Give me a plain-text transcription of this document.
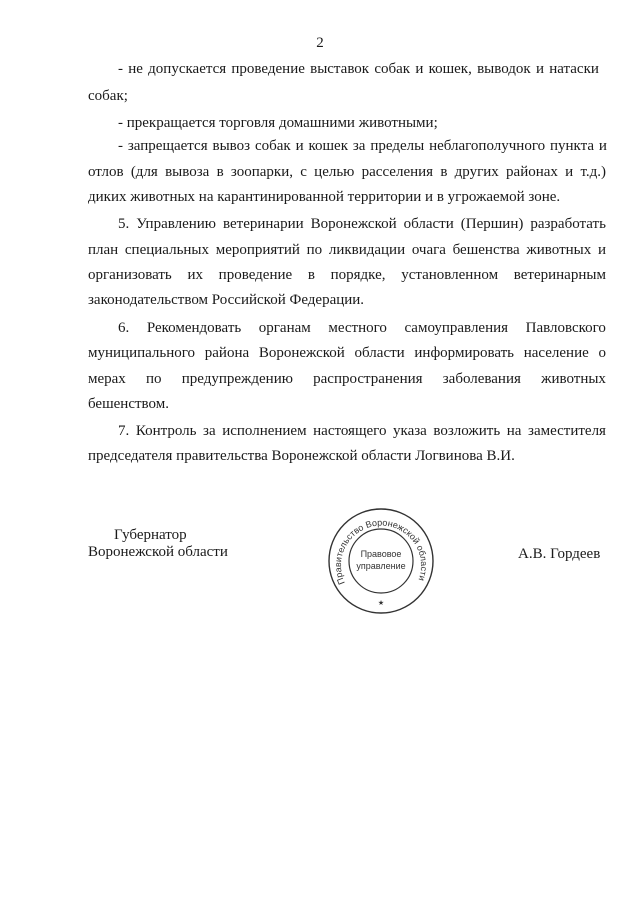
2
- не допускается проведение выставок собак и кошек, выводок и натаски
собак;
- прекращается торговля домашними животными;
- запрещается вывоз собак и кошек за пределы неблагополучного пункта и
отлов (для вывоза в зоопарки, с целью расселения в других районах и т.д.)
диких животных на карантинированной территории и в угрожаемой зоне.
5. Управлению ветеринарии Воронежской области (Першин) разработать
план специальных мероприятий по ликвидации очага бешенства животных и
организовать их проведение в порядке, установленном ветеринарным
законодательством Российской Федерации.
6. Рекомендовать органам местного самоуправления Павловского
муниципального района Воронежской области информировать население о
мерах по предупреждению распространения заболевания животных
бешенством.
7. Контроль за исполнением настоящего указа возложить на заместителя
председателя правительства Воронежской области Логвинова В.И.
Губернатор
Воронежской области	А.В. Гордеев
Правительство Воронежской области
Правовое
управление
★
